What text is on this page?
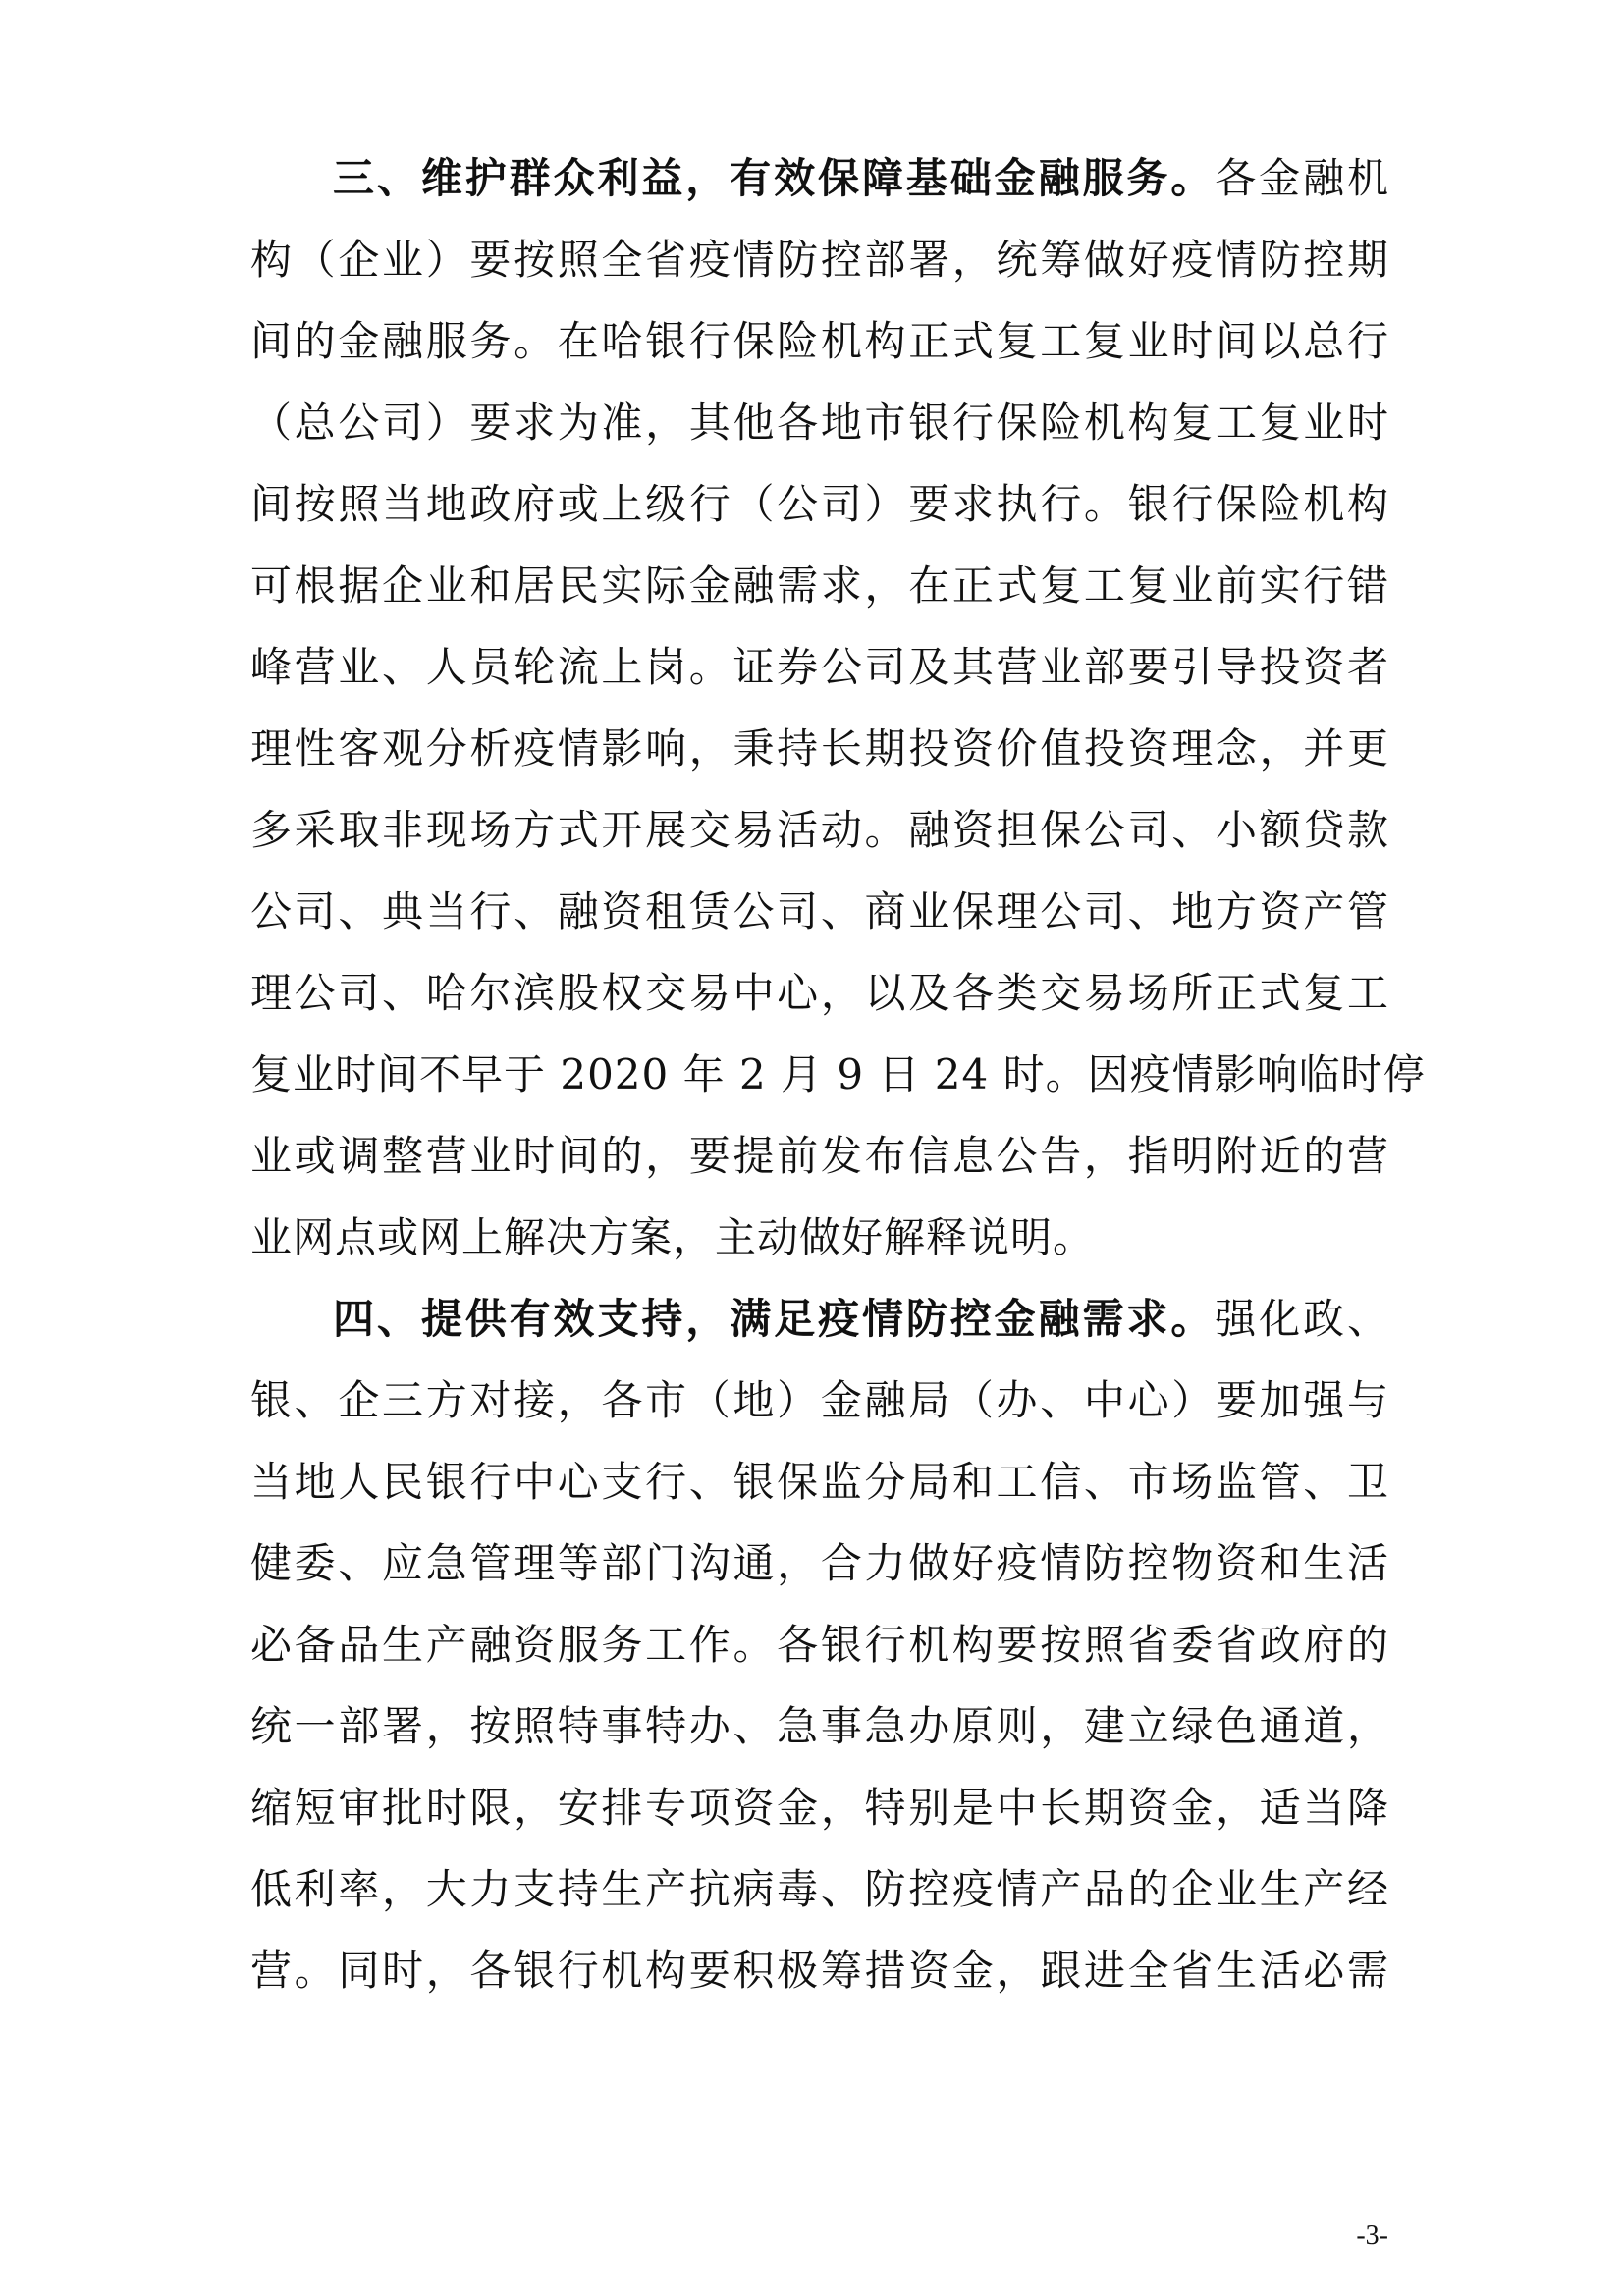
三、维护群众利益，有效保障基础金融服务。各金融机
构（企业）要按照全省疫情防控部署，统筹做好疫情防控期
间的金融服务。在哈银行保险机构正式复工复业时间以总行
（总公司）要求为准，其他各地市银行保险机构复工复业时
间按照当地政府或上级行（公司）要求执行。银行保险机构
可根据企业和居民实际金融需求，在正式复工复业前实行错
峰营业、人员轮流上岗。证券公司及其营业部要引导投资者
理性客观分析疫情影响，秉持长期投资价值投资理念，并更
多采取非现场方式开展交易活动。融资担保公司、小额贷款
公司、典当行、融资租赁公司、商业保理公司、地方资产管
理公司、哈尔滨股权交易中心，以及各类交易场所正式复工
复业时间不早于 2020 年 2 月 9 日 24 时。因疫情影响临时停
业或调整营业时间的，要提前发布信息公告，指明附近的营
业网点或网上解决方案，主动做好解释说明。
四、提供有效支持，满足疫情防控金融需求。强化政、
银、企三方对接，各市（地）金融局（办、中心）要加强与
当地人民银行中心支行、银保监分局和工信、市场监管、卫
健委、应急管理等部门沟通，合力做好疫情防控物资和生活
必备品生产融资服务工作。各银行机构要按照省委省政府的
统一部署，按照特事特办、急事急办原则，建立绿色通道，
缩短审批时限，安排专项资金，特别是中长期资金，适当降
低利率，大力支持生产抗病毒、防控疫情产品的企业生产经
营。同时，各银行机构要积极筹措资金，跟进全省生活必需
-3-
